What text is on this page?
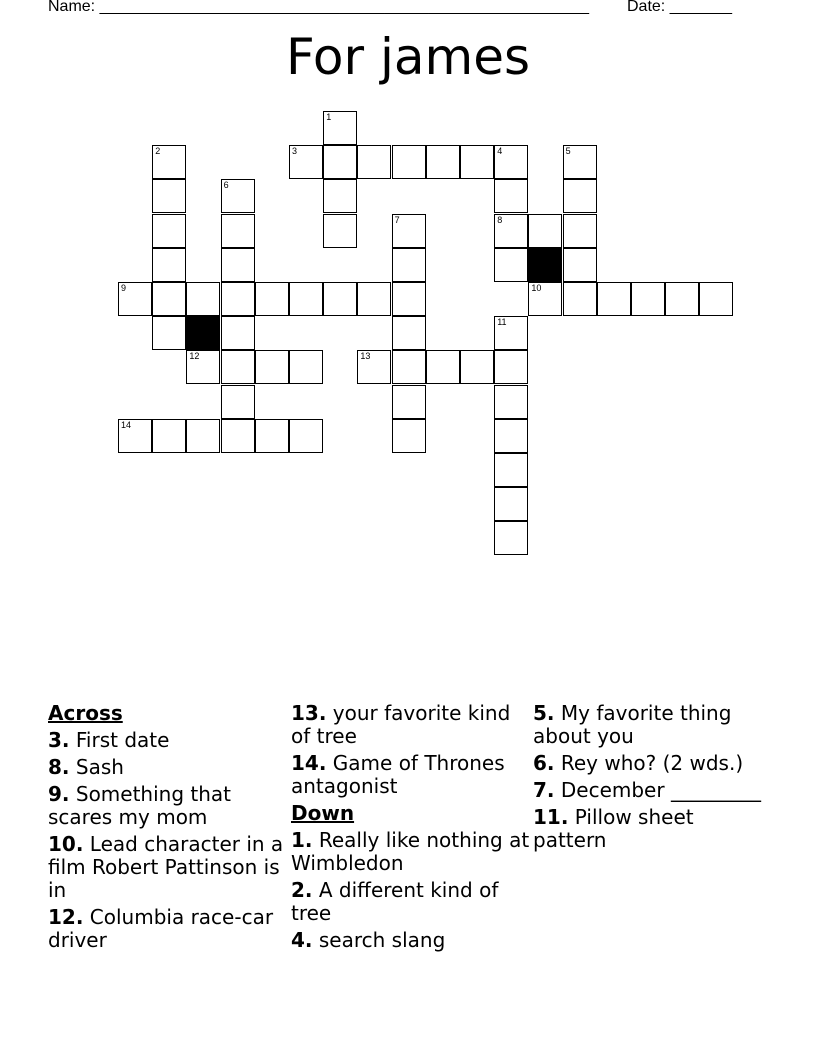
Name: _______________________________________________________ Date: _______
For james
1
2	3	4	5
6
7	8
9	10
11
12	13
14
Across
3. First date
8. Sash
9. Something that scares my mom
10. Lead character in a film Robert Pattinson is in
12. Columbia race-car driver
13. your favorite kind of tree
14. Game of Thrones antagonist
Down
1. Really like nothing at Wimbledon
2. A different kind of tree
4. search slang
5. My favorite thing about you
6. Rey who? (2 wds.)
7. December _________
11. Pillow sheet pattern
